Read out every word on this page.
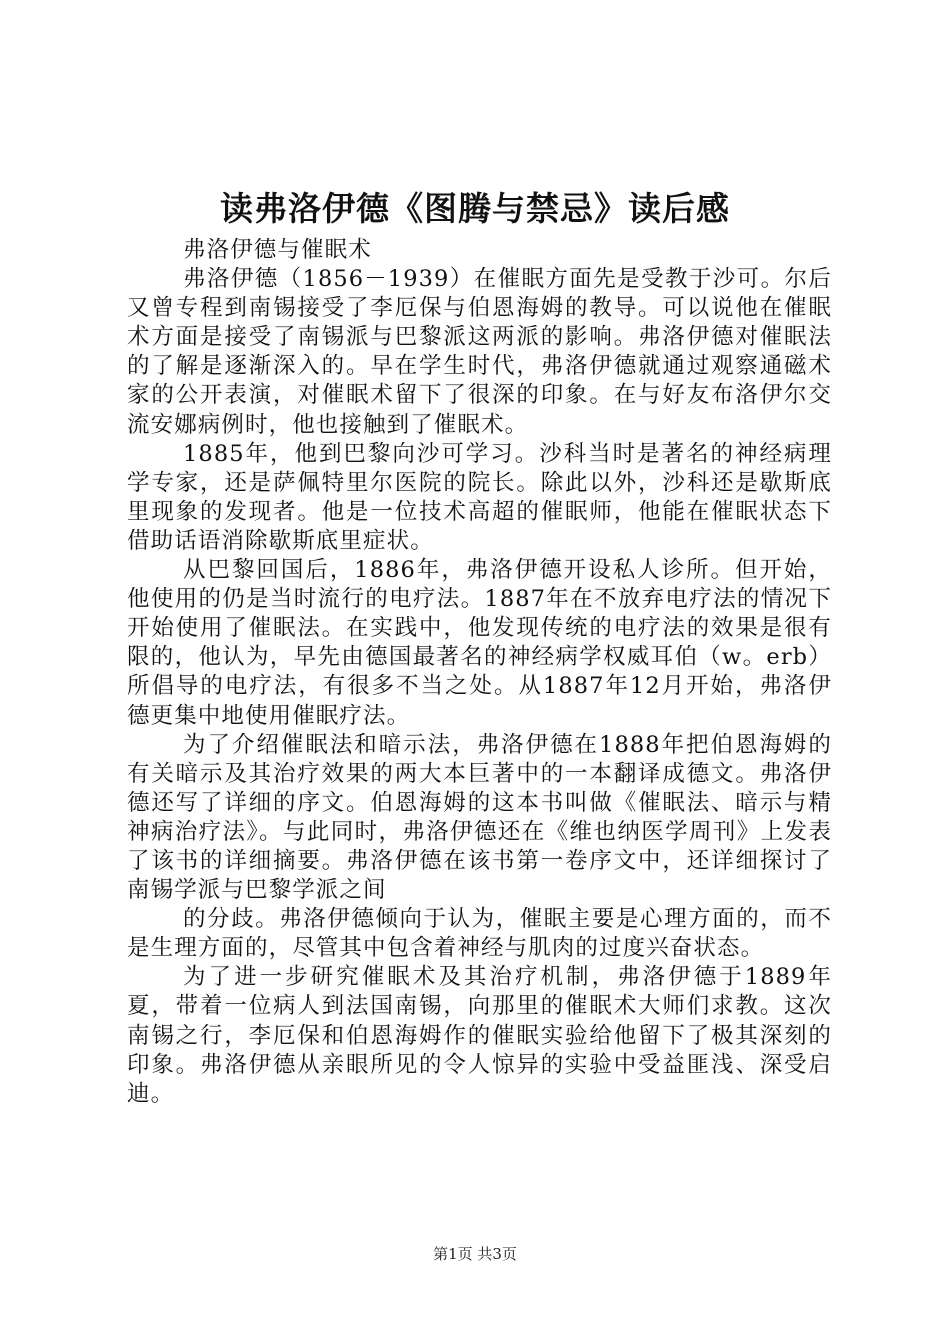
读弗洛伊德《图腾与禁忌》读后感

弗洛伊德与催眠术

弗洛伊德（1856－1939）在催眠方面先是受教于沙可。尔后又曾专程到南锡接受了李厄保与伯恩海姆的教导。可以说他在催眠术方面是接受了南锡派与巴黎派这两派的影响。弗洛伊德对催眠法的了解是逐渐深入的。早在学生时代，弗洛伊德就通过观察通磁术家的公开表演，对催眠术留下了很深的印象。在与好友布洛伊尔交流安娜病例时，他也接触到了催眠术。

1885年，他到巴黎向沙可学习。沙科当时是著名的神经病理学专家，还是萨佩特里尔医院的院长。除此以外，沙科还是歇斯底里现象的发现者。他是一位技术高超的催眠师，他能在催眠状态下借助话语消除歇斯底里症状。

从巴黎回国后，1886年，弗洛伊德开设私人诊所。但开始，他使用的仍是当时流行的电疗法。1887年在不放弃电疗法的情况下开始使用了催眠法。在实践中，他发现传统的电疗法的效果是很有限的，他认为，早先由德国最著名的神经病学权威耳伯（w。erb）所倡导的电疗法，有很多不当之处。从1887年12月开始，弗洛伊德更集中地使用催眠疗法。

为了介绍催眠法和暗示法，弗洛伊德在1888年把伯恩海姆的有关暗示及其治疗效果的两大本巨著中的一本翻译成德文。弗洛伊德还写了详细的序文。伯恩海姆的这本书叫做《催眠法、暗示与精神病治疗法》。与此同时，弗洛伊德还在《维也纳医学周刊》上发表了该书的详细摘要。弗洛伊德在该书第一卷序文中，还详细探讨了南锡学派与巴黎学派之间

的分歧。弗洛伊德倾向于认为，催眠主要是心理方面的，而不是生理方面的，尽管其中包含着神经与肌肉的过度兴奋状态。

为了进一步研究催眠术及其治疗机制，弗洛伊德于1889年夏，带着一位病人到法国南锡，向那里的催眠术大师们求教。这次南锡之行，李厄保和伯恩海姆作的催眠实验给他留下了极其深刻的印象。弗洛伊德从亲眼所见的令人惊异的实验中受益匪浅、深受启迪。

第1页 共3页
